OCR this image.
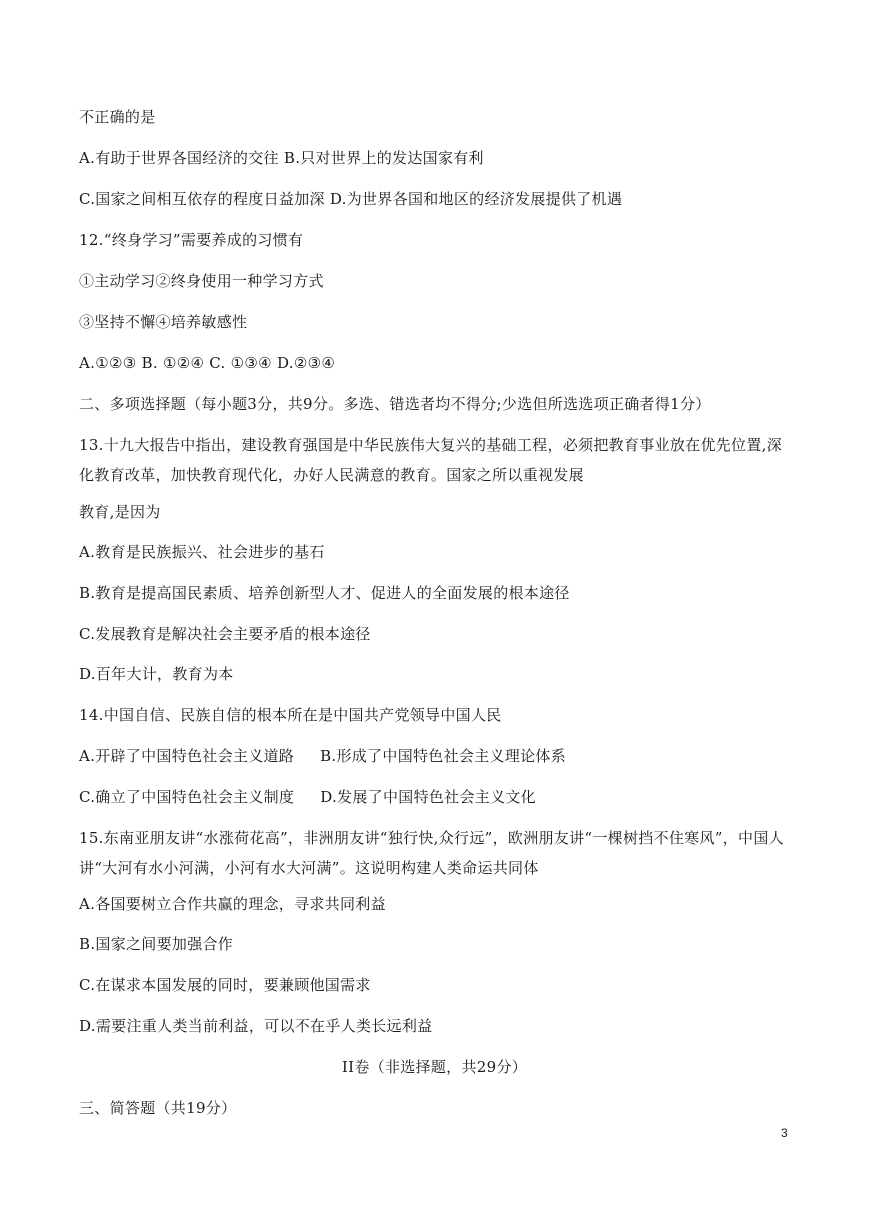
不正确的是
A.有助于世界各国经济的交往 B.只对世界上的发达国家有利
C.国家之间相互依存的程度日益加深 D.为世界各国和地区的经济发展提供了机遇
12.“终身学习”需要养成的习惯有
①主动学习②终身使用一种学习方式
③坚持不懈④培养敏感性
A.①②③ B. ①②④ C. ①③④ D.②③④
二、多项选择题（每小题3分，共9分。多选、错选者均不得分;少选但所选选项正确者得1分）
13.十九大报告中指出，建设教育强国是中华民族伟大复兴的基础工程，必须把教育事业放在优先位置,深化教育改革，加快教育现代化，办好人民满意的教育。国家之所以重视发展
教育,是因为
A.教育是民族振兴、社会进步的基石
B.教育是提高国民素质、培养创新型人才、促进人的全面发展的根本途径
C.发展教育是解决社会主要矛盾的根本途径
D.百年大计，教育为本
14.中国自信、民族自信的根本所在是中国共产党领导中国人民
A.开辟了中国特色社会主义道路 B.形成了中国特色社会主义理论体系
C.确立了中国特色社会主义制度 D.发展了中国特色社会主义文化
15.东南亚朋友讲“水涨荷花高”，非洲朋友讲“独行快,众行远”，欧洲朋友讲“一棵树挡不住寒风”，中国人讲“大河有水小河满，小河有水大河满”。这说明构建人类命运共同体
A.各国要树立合作共赢的理念，寻求共同利益
B.国家之间要加强合作
C.在谋求本国发展的同时，要兼顾他国需求
D.需要注重人类当前利益，可以不在乎人类长远利益
II卷（非选择题，共29分）
三、简答题（共19分）
3
